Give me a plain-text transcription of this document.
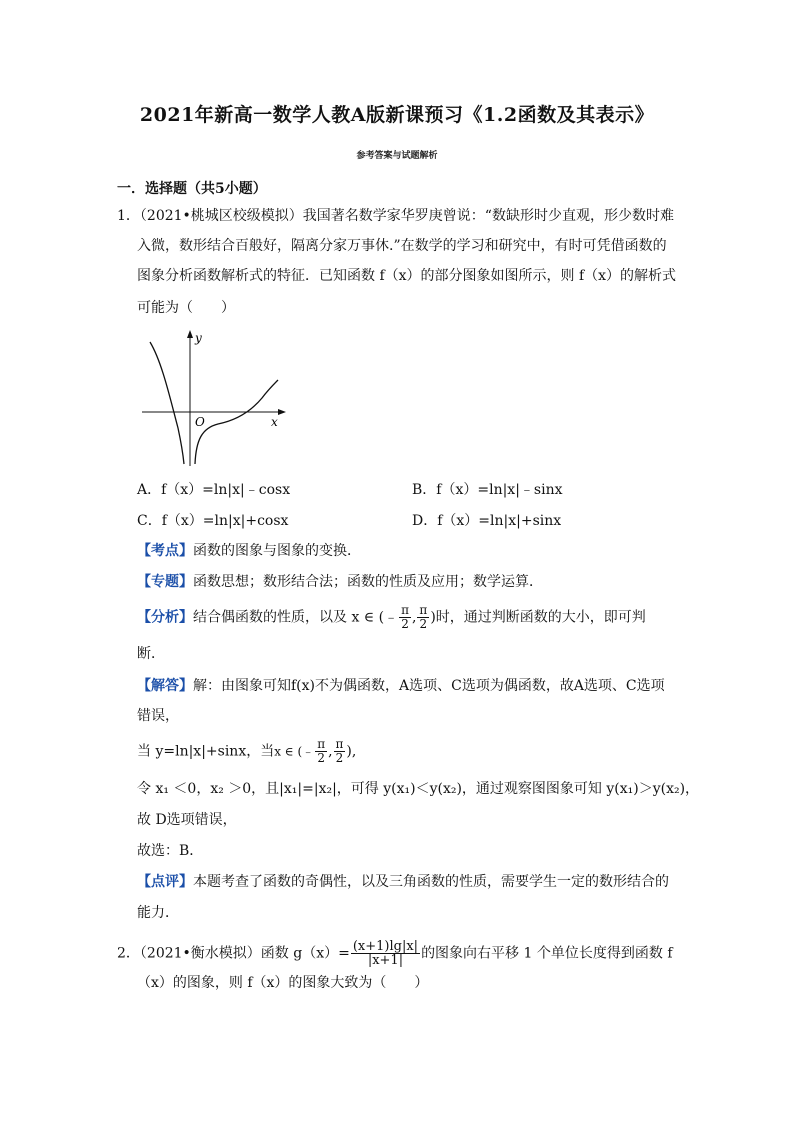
2021年新高一数学人教A版新课预习《1.2函数及其表示》
参考答案与试题解析
一．选择题（共5小题）
1．（2021•桃城区校级模拟）我国著名数学家华罗庚曾说：“数缺形时少直观，形少数时难
入微，数形结合百般好，隔离分家万事休.”在数学的学习和研究中，有时可凭借函数的
图象分析函数解析式的特征．已知函数 f（x）的部分图象如图所示，则 f（x）的解析式
可能为（　　）
y
x
O
A．f（x）=ln|x|﹣cosx	B．f（x）=ln|x|﹣sinx
C．f（x）=ln|x|+cosx	D．f（x）=ln|x|+sinx
【考点】函数的图象与图象的变换．
【专题】函数思想；数形结合法；函数的性质及应用；数学运算．
【分析】结合偶函数的性质，以及 x ∈ (﹣ $\frac{\pi}{2}$ , $\frac{\pi}{2}$ )时，通过判断函数的大小，即可判
断．
【解答】解：由图象可知f(x)不为偶函数，A选项、C选项为偶函数，故A选项、C选项
错误，
当 y=ln|x|+sinx，当x ∈ (﹣ $\frac{\pi}{2}$ , $\frac{\pi}{2}$ ),
令 x₁ ＜0，x₂ ＞0，且|x₁|=|x₂|，可得 y(x₁)＜y(x₂)，通过观察图图象可知 y(x₁)＞y(x₂)，
故 D选项错误，
故选：B．
【点评】本题考查了函数的奇偶性，以及三角函数的性质，需要学生一定的数形结合的
能力．
2．（2021•衡水模拟）函数 $g(x)= \frac{(x+1)\lg|x|}{|x+1|}$ 的图象向右平移 1 个单位长度得到函数 f
（x）的图象，则 f（x）的图象大致为（　　）
